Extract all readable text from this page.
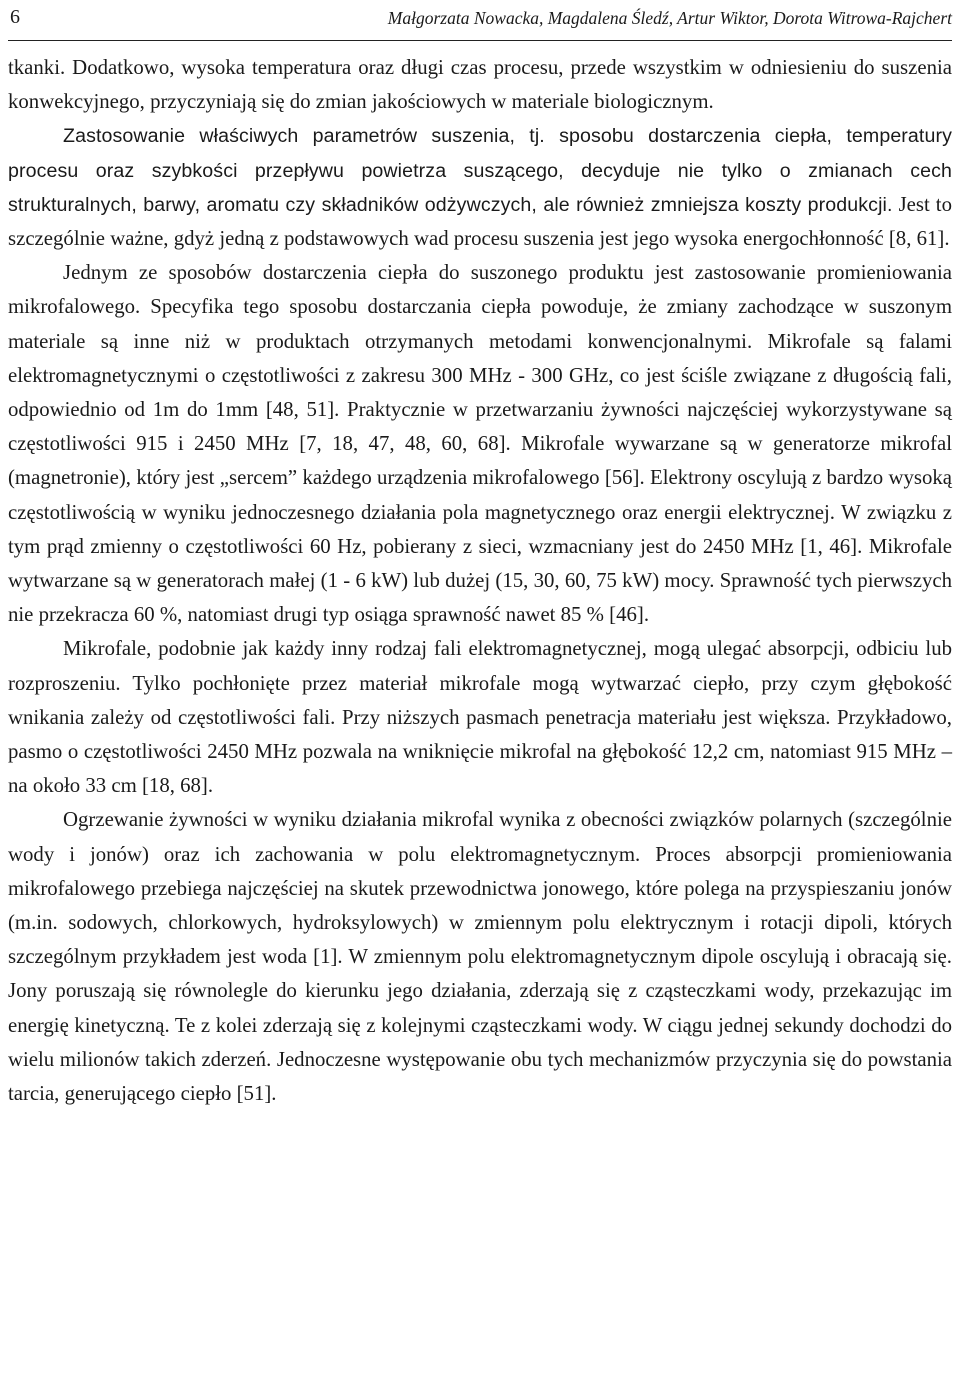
6	Małgorzata Nowacka, Magdalena Śledź, Artur Wiktor, Dorota Witrowa-Rajchert

tkanki. Dodatkowo, wysoka temperatura oraz długi czas procesu, przede wszystkim w odniesieniu do suszenia konwekcyjnego, przyczyniają się do zmian jakościowych w materiale biologicznym.

Zastosowanie właściwych parametrów suszenia, tj. sposobu dostarczenia ciepła, temperatury procesu oraz szybkości przepływu powietrza suszącego, decyduje nie tylko o zmianach cech strukturalnych, barwy, aromatu czy składników odżywczych, ale również zmniejsza koszty produkcji. Jest to szczególnie ważne, gdyż jedną z podstawowych wad procesu suszenia jest jego wysoka energochłonność [8, 61].

Jednym ze sposobów dostarczenia ciepła do suszonego produktu jest zastosowanie promieniowania mikrofalowego. Specyfika tego sposobu dostarczania ciepła powoduje, że zmiany zachodzące w suszonym materiale są inne niż w produktach otrzymanych metodami konwencjonalnymi. Mikrofale są falami elektromagnetycznymi o częstotliwości z zakresu 300 MHz - 300 GHz, co jest ściśle związane z długością fali, odpowiednio od 1m do 1mm [48, 51]. Praktycznie w przetwarzaniu żywności najczęściej wykorzystywane są częstotliwości 915 i 2450 MHz [7, 18, 47, 48, 60, 68]. Mikrofale wywarzane są w generatorze mikrofal (magnetronie), który jest „sercem” każdego urządzenia mikrofalowego [56]. Elektrony oscylują z bardzo wysoką częstotliwością w wyniku jednoczesnego działania pola magnetycznego oraz energii elektrycznej. W związku z tym prąd zmienny o częstotliwości 60 Hz, pobierany z sieci, wzmacniany jest do 2450 MHz [1, 46]. Mikrofale wytwarzane są w generatorach małej (1 - 6 kW) lub dużej (15, 30, 60, 75 kW) mocy. Sprawność tych pierwszych nie przekracza 60 %, natomiast drugi typ osiąga sprawność nawet 85 % [46].

Mikrofale, podobnie jak każdy inny rodzaj fali elektromagnetycznej, mogą ulegać absorpcji, odbiciu lub rozproszeniu. Tylko pochłonięte przez materiał mikrofale mogą wytwarzać ciepło, przy czym głębokość wnikania zależy od częstotliwości fali. Przy niższych pasmach penetracja materiału jest większa. Przykładowo, pasmo o częstotliwości 2450 MHz pozwala na wniknięcie mikrofal na głębokość 12,2 cm, natomiast 915 MHz – na około 33 cm [18, 68].

Ogrzewanie żywności w wyniku działania mikrofal wynika z obecności związków polarnych (szczególnie wody i jonów) oraz ich zachowania w polu elektromagnetycznym. Proces absorpcji promieniowania mikrofalowego przebiega najczęściej na skutek przewodnictwa jonowego, które polega na przyspieszaniu jonów (m.in. sodowych, chlorkowych, hydroksylowych) w zmiennym polu elektrycznym i rotacji dipoli, których szczególnym przykładem jest woda [1]. W zmiennym polu elektromagnetycznym dipole oscylują i obracają się. Jony poruszają się równolegle do kierunku jego działania, zderzają się z cząsteczkami wody, przekazując im energię kinetyczną. Te z kolei zderzają się z kolejnymi cząsteczkami wody. W ciągu jednej sekundy dochodzi do wielu milionów takich zderzeń. Jednoczesne występowanie obu tych mechanizmów przyczynia się do powstania tarcia, generującego ciepło [51].
